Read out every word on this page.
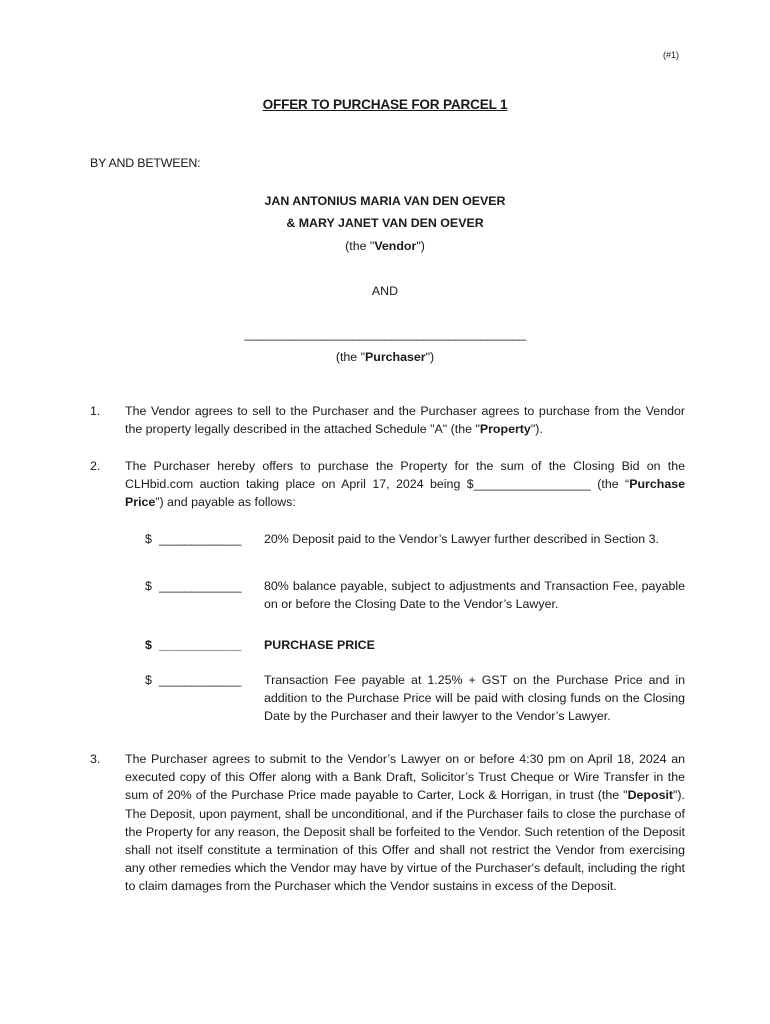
(#1)
OFFER TO PURCHASE FOR PARCEL 1
BY AND BETWEEN:
JAN ANTONIUS MARIA VAN DEN OEVER
& MARY JANET VAN DEN OEVER
(the "Vendor")
AND
____________________________________________
(the "Purchaser")
1. The Vendor agrees to sell to the Purchaser and the Purchaser agrees to purchase from the Vendor the property legally described in the attached Schedule "A" (the "Property").
2. The Purchaser hereby offers to purchase the Property for the sum of the Closing Bid on the CLHbid.com auction taking place on April 17, 2024 being $_________________ (the “Purchase Price”) and payable as follows:
$ _____________ 20% Deposit paid to the Vendor’s Lawyer further described in Section 3.
$ _____________ 80% balance payable, subject to adjustments and Transaction Fee, payable on or before the Closing Date to the Vendor’s Lawyer.
$ _____________ PURCHASE PRICE
$ _____________ Transaction Fee payable at 1.25% + GST on the Purchase Price and in addition to the Purchase Price will be paid with closing funds on the Closing Date by the Purchaser and their lawyer to the Vendor’s Lawyer.
3. The Purchaser agrees to submit to the Vendor’s Lawyer on or before 4:30 pm on April 18, 2024 an executed copy of this Offer along with a Bank Draft, Solicitor’s Trust Cheque or Wire Transfer in the sum of 20% of the Purchase Price made payable to Carter, Lock & Horrigan, in trust (the "Deposit"). The Deposit, upon payment, shall be unconditional, and if the Purchaser fails to close the purchase of the Property for any reason, the Deposit shall be forfeited to the Vendor. Such retention of the Deposit shall not itself constitute a termination of this Offer and shall not restrict the Vendor from exercising any other remedies which the Vendor may have by virtue of the Purchaser's default, including the right to claim damages from the Purchaser which the Vendor sustains in excess of the Deposit.
